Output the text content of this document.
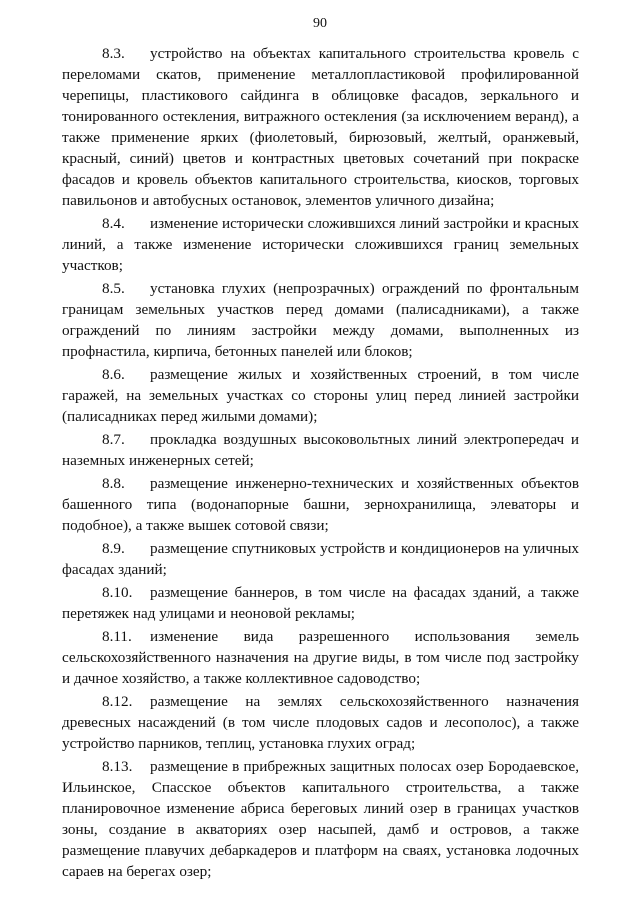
90

8.3. устройство на объектах капитального строительства кровель с переломами скатов, применение металлопластиковой профилированной черепицы, пластикового сайдинга в облицовке фасадов, зеркального и тонированного остекления, витражного остекления (за исключением веранд), а также применение ярких (фиолетовый, бирюзовый, желтый, оранжевый, красный, синий) цветов и контрастных цветовых сочетаний при покраске фасадов и кровель объектов капитального строительства, киосков, торговых павильонов и автобусных остановок, элементов уличного дизайна;

8.4. изменение исторически сложившихся линий застройки и красных линий, а также изменение исторически сложившихся границ земельных участков;

8.5. установка глухих (непрозрачных) ограждений по фронтальным границам земельных участков перед домами (палисадниками), а также ограждений по линиям застройки между домами, выполненных из профнастила, кирпича, бетонных панелей или блоков;

8.6. размещение жилых и хозяйственных строений, в том числе гаражей, на земельных участках со стороны улиц перед линией застройки (палисадниках перед жилыми домами);

8.7. прокладка воздушных высоковольтных линий электропередач и наземных инженерных сетей;

8.8. размещение инженерно-технических и хозяйственных объектов башенного типа (водонапорные башни, зернохранилища, элеваторы и подобное), а также вышек сотовой связи;

8.9. размещение спутниковых устройств и кондиционеров на уличных фасадах зданий;

8.10. размещение баннеров, в том числе на фасадах зданий, а также перетяжек над улицами и неоновой рекламы;

8.11. изменение вида разрешенного использования земель сельскохозяйственного назначения на другие виды, в том числе под застройку и дачное хозяйство, а также коллективное садоводство;

8.12. размещение на землях сельскохозяйственного назначения древесных насаждений (в том числе плодовых садов и лесополос), а также устройство парников, теплиц, установка глухих оград;

8.13. размещение в прибрежных защитных полосах озер Бородаевское, Ильинское, Спасское объектов капитального строительства, а также планировочное изменение абриса береговых линий озер в границах участков зоны, создание в акваториях озер насыпей, дамб и островов, а также размещение плавучих дебаркадеров и платформ на сваях, установка лодочных сараев на берегах озер;
